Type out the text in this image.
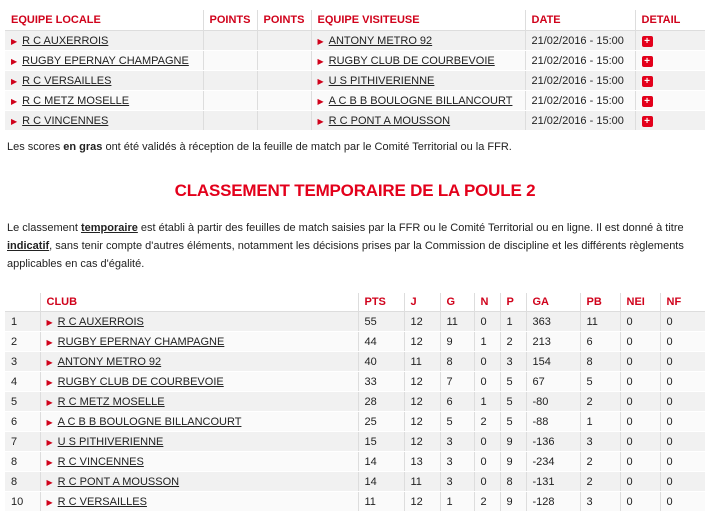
EQUIPE LOCALE	POINTS	POINTS	EQUIPE VISITEUSE	DATE	DETAIL
▶ R C AUXERROIS			▶ ANTONY METRO 92	21/02/2016 - 15:00	+
▶ RUGBY EPERNAY CHAMPAGNE			▶ RUGBY CLUB DE COURBEVOIE	21/02/2016 - 15:00	+
▶ R C VERSAILLES			▶ U S PITHIVERIENNE	21/02/2016 - 15:00	+
▶ R C METZ MOSELLE			▶ A C B B BOULOGNE BILLANCOURT	21/02/2016 - 15:00	+
▶ R C VINCENNES			▶ R C PONT A MOUSSON	21/02/2016 - 15:00	+
Les scores en gras ont été validés à réception de la feuille de match par le Comité Territorial ou la FFR.
CLASSEMENT TEMPORAIRE DE LA POULE 2
Le classement temporaire est établi à partir des feuilles de match saisies par la FFR ou le Comité Territorial ou en ligne. Il est donné à titre indicatif, sans tenir compte d'autres éléments, notamment les décisions prises par la Commission de discipline et les différents règlements applicables en cas d'égalité.
	CLUB	PTS	J	G	N	P	GA	PB	NEI	NF
1	▶ R C AUXERROIS	55	12	11	0	1	363	11	0	0
2	▶ RUGBY EPERNAY CHAMPAGNE	44	12	9	1	2	213	6	0	0
3	▶ ANTONY METRO 92	40	11	8	0	3	154	8	0	0
4	▶ RUGBY CLUB DE COURBEVOIE	33	12	7	0	5	67	5	0	0
5	▶ R C METZ MOSELLE	28	12	6	1	5	-80	2	0	0
6	▶ A C B B BOULOGNE BILLANCOURT	25	12	5	2	5	-88	1	0	0
7	▶ U S PITHIVERIENNE	15	12	3	0	9	-136	3	0	0
8	▶ R C VINCENNES	14	13	3	0	9	-234	2	0	0
8	▶ R C PONT A MOUSSON	14	11	3	0	8	-131	2	0	0
10	▶ R C VERSAILLES	11	12	1	2	9	-128	3	0	0
